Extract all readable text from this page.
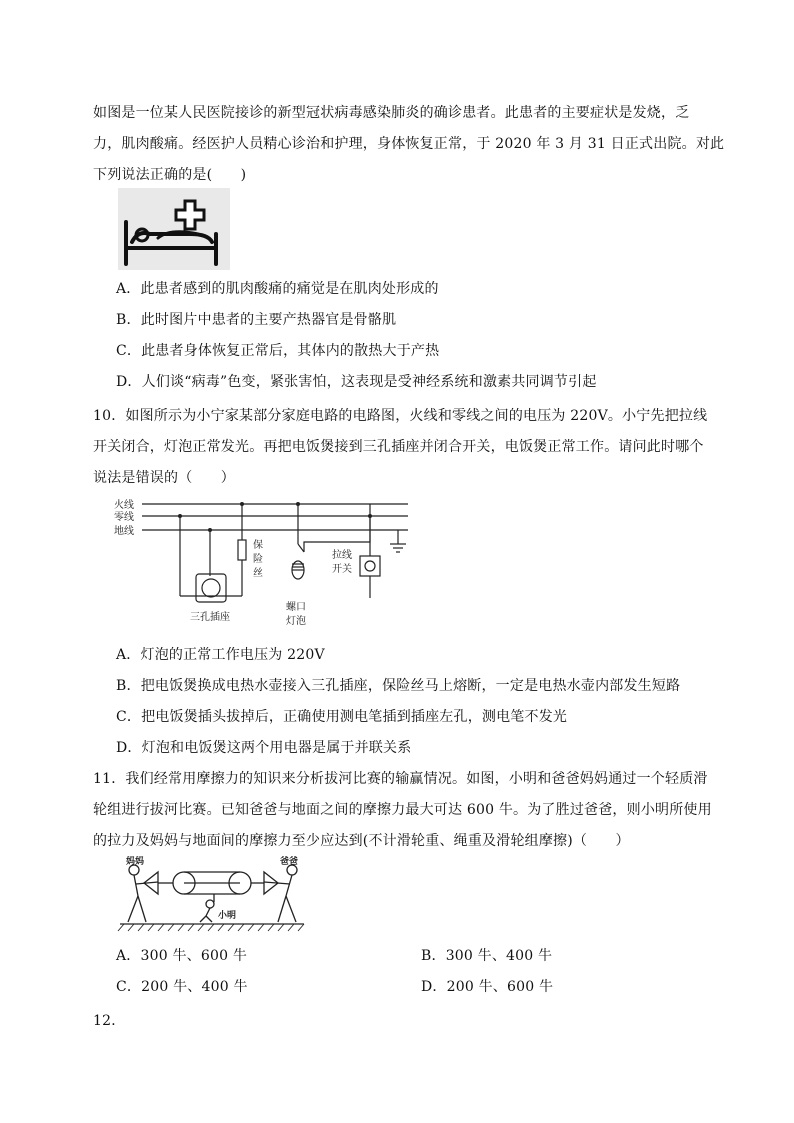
如图是一位某人民医院接诊的新型冠状病毒感染肺炎的确诊患者。此患者的主要症状是发烧，乏
力，肌肉酸痛。经医护人员精心诊治和护理，身体恢复正常，于 2020 年 3 月 31 日正式出院。对此
下列说法正确的是(　　)
A．此患者感到的肌肉酸痛的痛觉是在肌肉处形成的
B．此时图片中患者的主要产热器官是骨骼肌
C．此患者身体恢复正常后，其体内的散热大于产热
D．人们谈“病毒”色变，紧张害怕，这表现是受神经系统和激素共同调节引起
10．如图所示为小宁家某部分家庭电路的电路图，火线和零线之间的电压为 220V。小宁先把拉线
开关闭合，灯泡正常发光。再把电饭煲接到三孔插座并闭合开关，电饭煲正常工作。请问此时哪个
说法是错误的（　　）
火线
零线
地线
保
险
丝
三孔插座
螺口
灯泡
拉线
开关
A．灯泡的正常工作电压为 220V
B．把电饭煲换成电热水壶接入三孔插座，保险丝马上熔断，一定是电热水壶内部发生短路
C．把电饭煲插头拔掉后，正确使用测电笔插到插座左孔，测电笔不发光
D．灯泡和电饭煲这两个用电器是属于并联关系
11．我们经常用摩擦力的知识来分析拔河比赛的输赢情况。如图，小明和爸爸妈妈通过一个轻质滑
轮组进行拔河比赛。已知爸爸与地面之间的摩擦力最大可达 600 牛。为了胜过爸爸，则小明所使用
的拉力及妈妈与地面间的摩擦力至少应达到(不计滑轮重、绳重及滑轮组摩擦)（　　）
妈妈	爸爸
小明
A．300 牛、600 牛	B．300 牛、400 牛
C．200 牛、400 牛	D．200 牛、600 牛
12．
